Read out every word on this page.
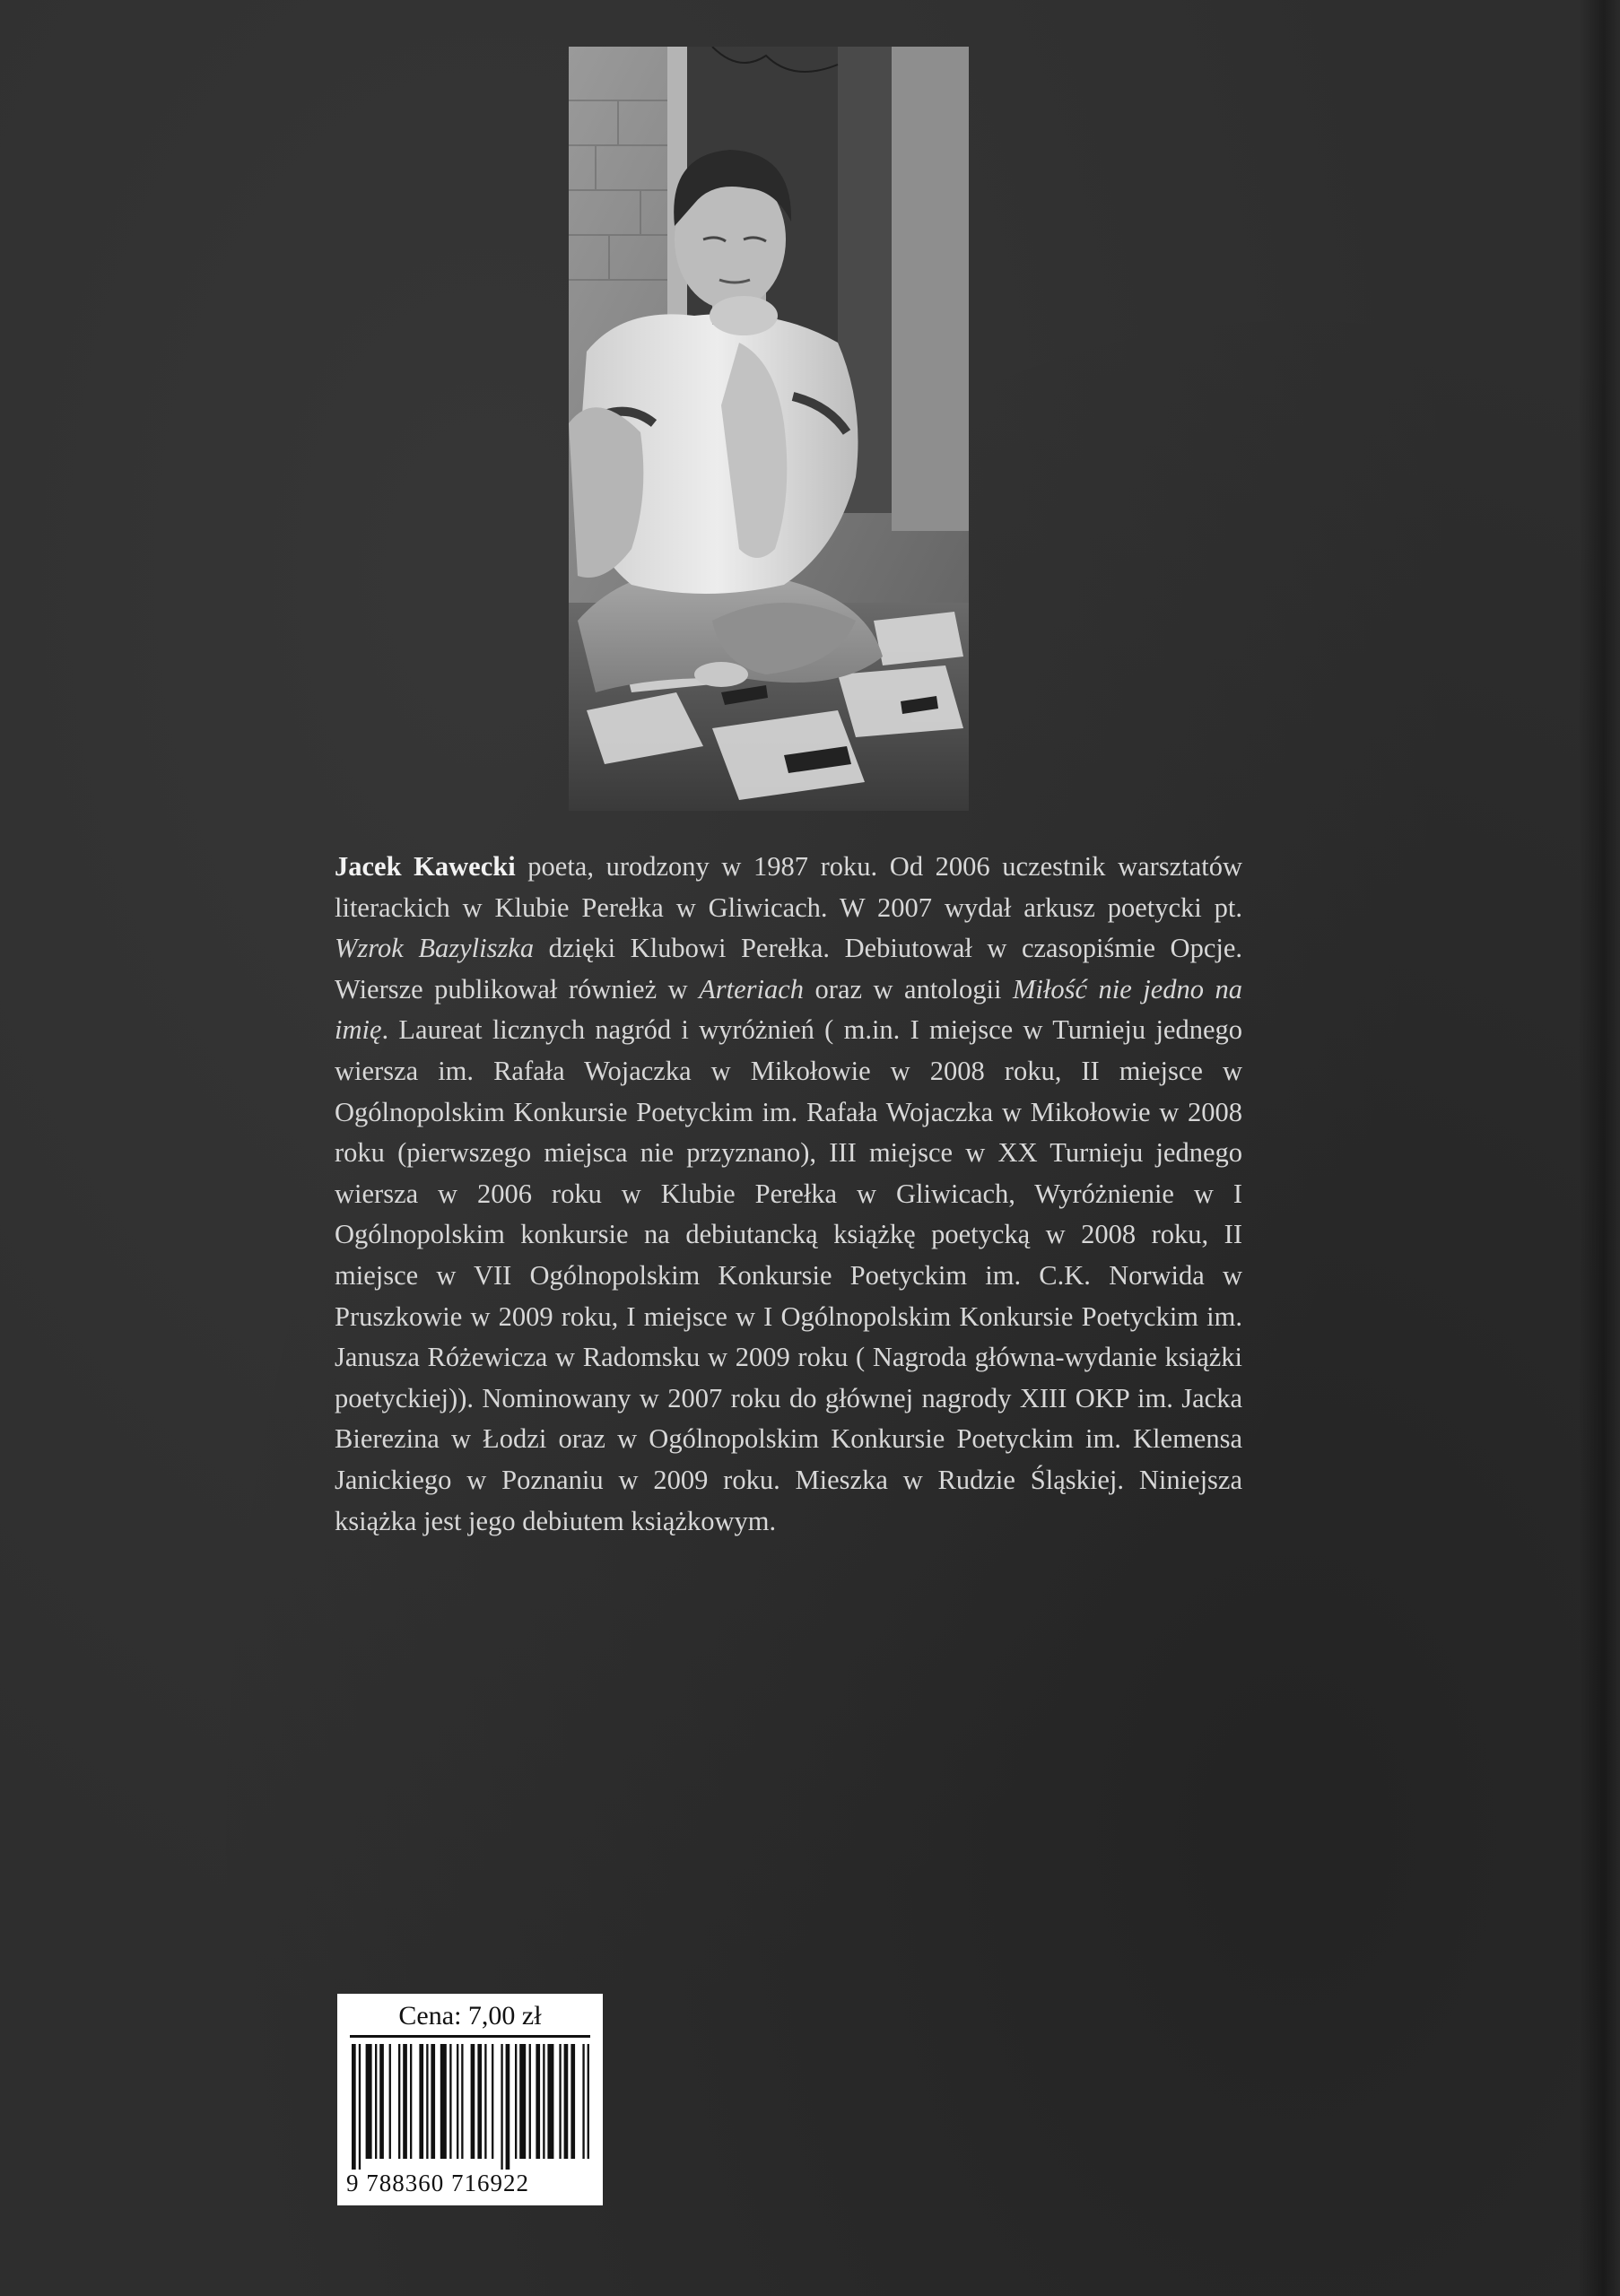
Jacek Kawecki poeta, urodzony w 1987 roku. Od 2006 uczestnik warsztatów literackich w Klubie Perełka w Gliwicach. W 2007 wydał arkusz poetycki pt. Wzrok Bazyliszka dzięki Klubowi Perełka. Debiutował w czasopiśmie Opcje. Wiersze publikował również w Arteriach oraz w antologii Miłość nie jedno na imię. Laureat licznych nagród i wyróżnień ( m.in. I miejsce w Turnieju jednego wiersza im. Rafała Wojaczka w Mikołowie w 2008 roku, II miejsce w Ogólnopolskim Konkursie Poetyckim im. Rafała Wojaczka w Mikołowie w 2008 roku (pierwszego miejsca nie przyznano), III miejsce w XX Turnieju jednego wiersza w 2006 roku w Klubie Perełka w Gliwicach, Wyróżnienie w I Ogólnopolskim konkursie na debiutancką książkę poetycką w 2008 roku, II miejsce w VII Ogólnopolskim Konkursie Poetyckim im. C.K. Norwida w Pruszkowie w 2009 roku, I miejsce w I Ogólnopolskim Konkursie Poetyckim im. Janusza Różewicza w Radomsku w 2009 roku ( Nagroda główna-wydanie książki poetyckiej)). Nominowany w 2007 roku do głównej nagrody XIII OKP im. Jacka Bierezina w Łodzi oraz w Ogólnopolskim Konkursie Poetyckim im. Klemensa Janickiego w Poznaniu w 2009 roku. Mieszka w Rudzie Śląskiej. Niniejsza książka jest jego debiutem książkowym.
Cena: 7,00 zł
9 788360 716922
